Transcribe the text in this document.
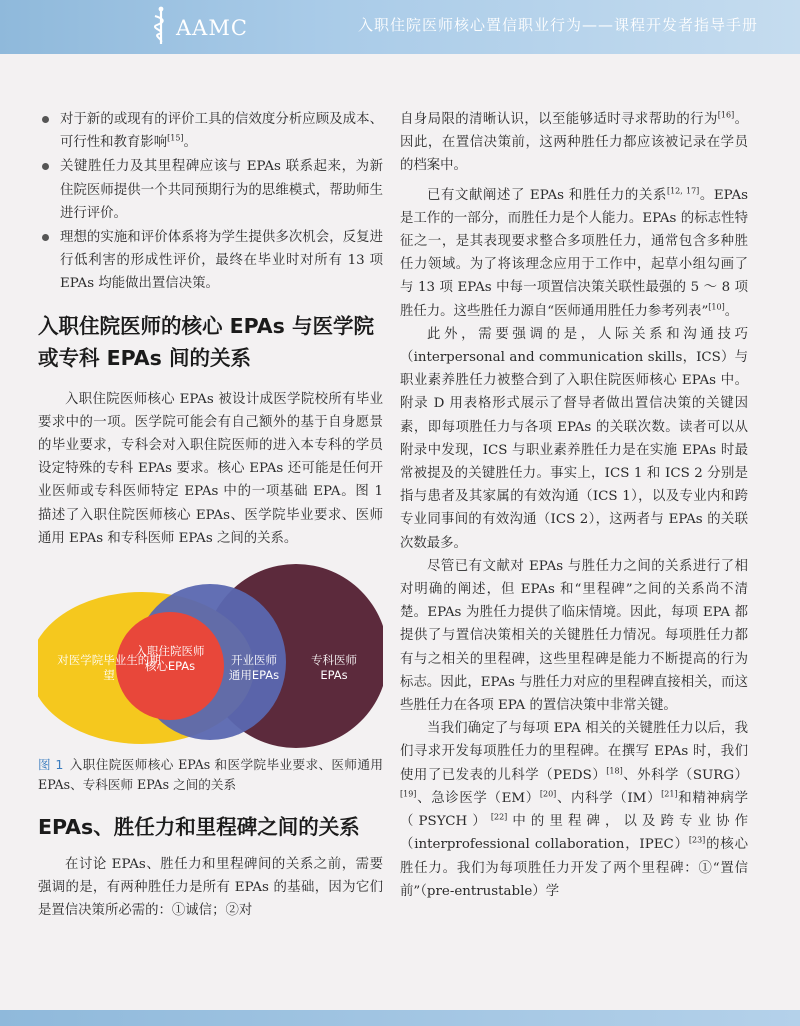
AAMC	入职住院医师核心置信职业行为——课程开发者指导手册

对于新的或现有的评价工具的信效度分析应顾及成本、可行性和教育影响[15]。

关键胜任力及其里程碑应该与 EPAs 联系起来，为新住院医师提供一个共同预期行为的思维模式，帮助师生进行评价。

理想的实施和评价体系将为学生提供多次机会，反复进行低利害的形成性评价，最终在毕业时对所有 13 项 EPAs 均能做出置信决策。

入职住院医师的核心 EPAs 与医学院或专科 EPAs 间的关系

入职住院医师核心 EPAs 被设计成医学院校所有毕业要求中的一项。医学院可能会有自己额外的基于自身愿景的毕业要求，专科会对入职住院医师的进入本专科的学员设定特殊的专科 EPAs 要求。核心 EPAs 还可能是任何开业医师或专科医师特定 EPAs 中的一项基础 EPA。图 1 描述了入职住院医师核心 EPAs、医学院毕业要求、医师通用 EPAs 和专科医师 EPAs 之间的关系。

对医学院毕业生的期望
入职住院医师核心EPAs	开业医师通用EPAs
专科医师EPAs

图 1 入职住院医师核心 EPAs 和医学院毕业要求、医师通用 EPAs、专科医师 EPAs 之间的关系

EPAs、胜任力和里程碑之间的关系

在讨论 EPAs、胜任力和里程碑间的关系之前，需要强调的是，有两种胜任力是所有 EPAs 的基础，因为它们是置信决策所必需的：①诚信；②对

自身局限的清晰认识，以至能够适时寻求帮助的行为[16]。因此，在置信决策前，这两种胜任力都应该被记录在学员的档案中。

已有文献阐述了 EPAs 和胜任力的关系[12, 17]。EPAs 是工作的一部分，而胜任力是个人能力。EPAs 的标志性特征之一，是其表现要求整合多项胜任力，通常包含多种胜任力领域。为了将该理念应用于工作中，起草小组勾画了与 13 项 EPAs 中每一项置信决策关联性最强的 5 ～ 8 项胜任力。这些胜任力源自“医师通用胜任力参考列表”[10]。

此外，需要强调的是，人际关系和沟通技巧（interpersonal and communication skills，ICS）与职业素养胜任力被整合到了入职住院医师核心 EPAs 中。附录 D 用表格形式展示了督导者做出置信决策的关键因素，即每项胜任力与各项 EPAs 的关联次数。读者可以从附录中发现，ICS 与职业素养胜任力是在实施 EPAs 时最常被提及的关键胜任力。事实上，ICS 1 和 ICS 2 分别是指与患者及其家属的有效沟通（ICS 1），以及专业内和跨专业同事间的有效沟通（ICS 2），这两者与 EPAs 的关联次数最多。

尽管已有文献对 EPAs 与胜任力之间的关系进行了相对明确的阐述，但 EPAs 和“里程碑”之间的关系尚不清楚。EPAs 为胜任力提供了临床情境。因此，每项 EPA 都提供了与置信决策相关的关键胜任力情况。每项胜任力都有与之相关的里程碑，这些里程碑是能力不断提高的行为标志。因此，EPAs 与胜任力对应的里程碑直接相关，而这些胜任力在各项 EPA 的置信决策中非常关键。

当我们确定了与每项 EPA 相关的关键胜任力以后，我们寻求开发每项胜任力的里程碑。在撰写 EPAs 时，我们使用了已发表的儿科学（PEDS）[18]、外科学（SURG）[19]、急诊医学（EM）[20]、内科学（IM）[21]和精神病学（PSYCH）[22]中的里程碑，以及跨专业协作（interprofessional collaboration，IPEC）[23]的核心胜任力。我们为每项胜任力开发了两个里程碑：①“置信前”（pre-entrustable）学
